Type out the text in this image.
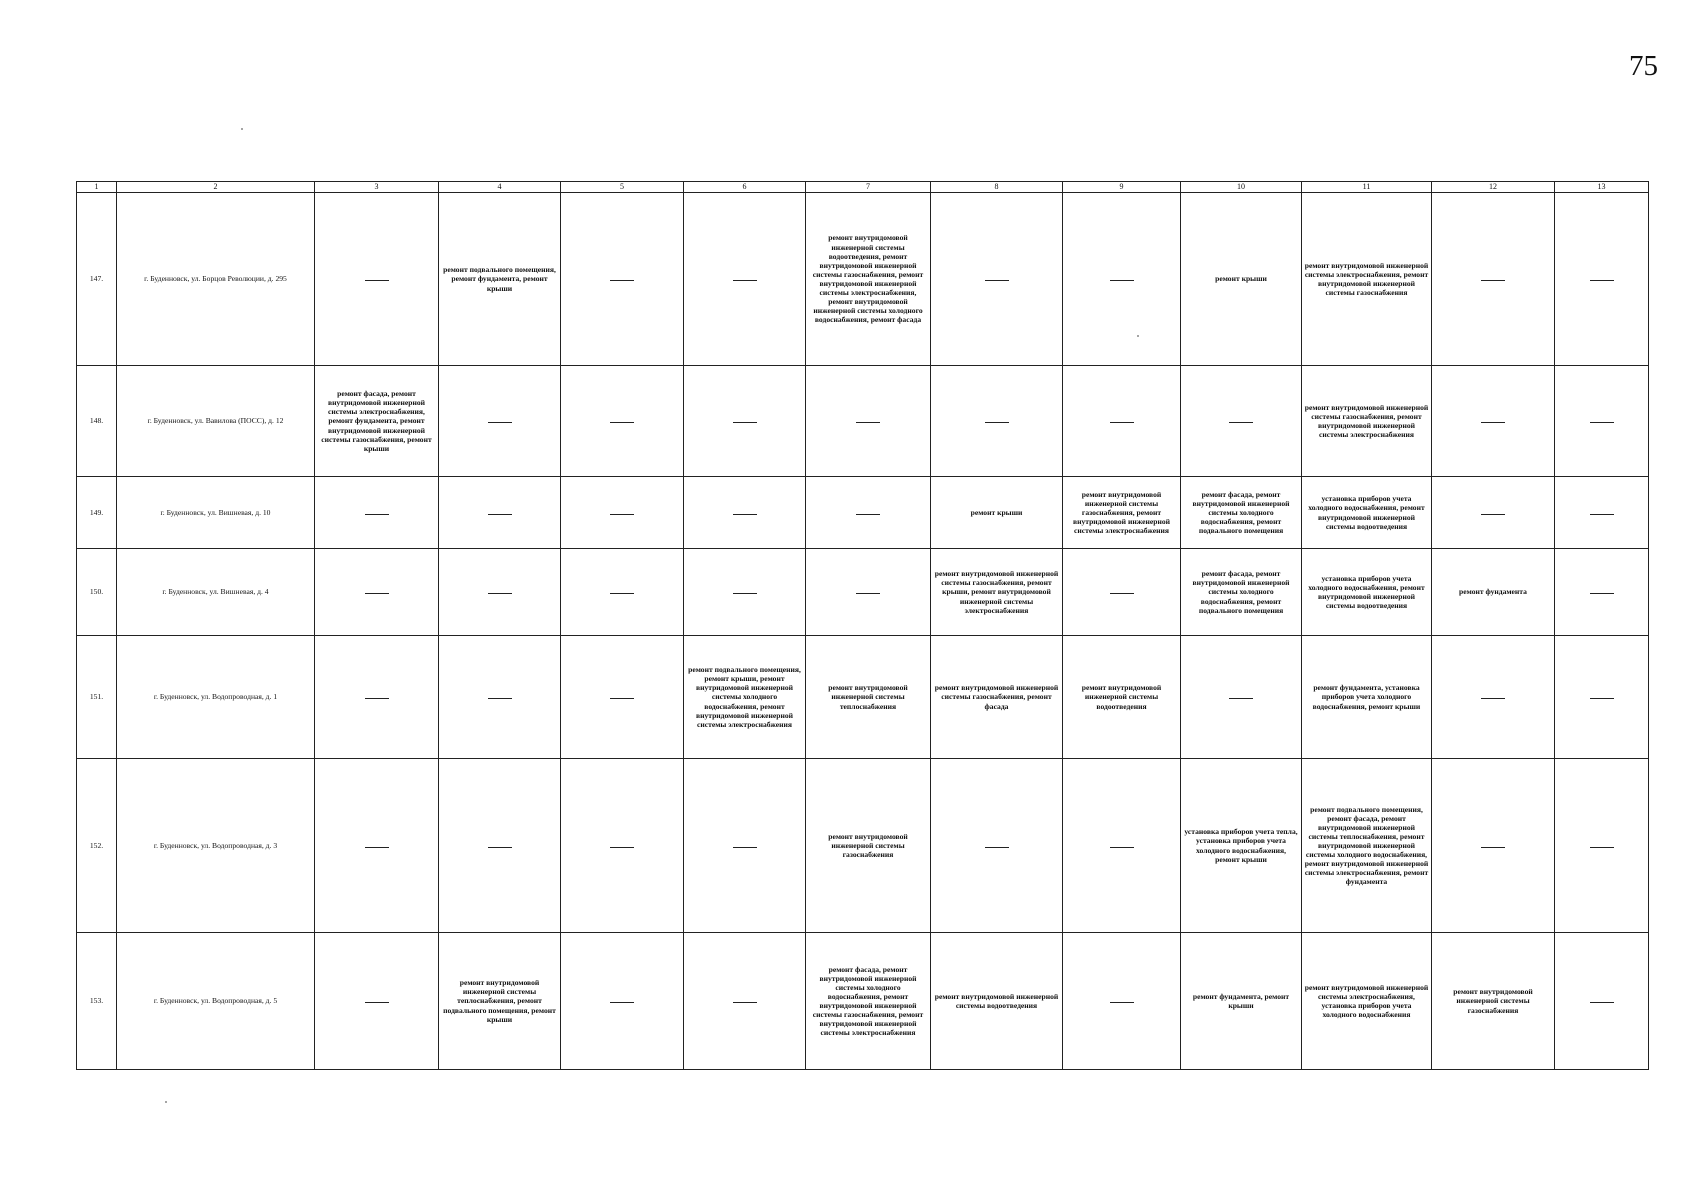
75
1	2	3	4	5	6	7	8	9	10	11	12	13
147.	г. Буденновск, ул. Борцов Революции, д. 295		ремонт подвального помещения, ремонт фундамента, ремонт крыши			ремонт внутридомовой инженерной системы водоотведения, ремонт внутридомовой инженерной системы газоснабжения, ремонт внутридомовой инженерной системы электроснабжения, ремонт внутридомовой инженерной системы холодного водоснабжения, ремонт фасада			ремонт крыши	ремонт внутридомовой инженерной системы электроснабжения, ремонт внутридомовой инженерной системы газоснабжения		
148.	г. Буденновск, ул. Вавилова (ПОСС), д. 12	ремонт фасада, ремонт внутридомовой инженерной системы электроснабжения, ремонт фундамента, ремонт внутридомовой инженерной системы газоснабжения, ремонт крыши								ремонт внутридомовой инженерной системы газоснабжения, ремонт внутридомовой инженерной системы электроснабжения		
149.	г. Буденновск, ул. Вишневая, д. 10						ремонт крыши	ремонт внутридомовой инженерной системы газоснабжения, ремонт внутридомовой инженерной системы электроснабжения	ремонт фасада, ремонт внутридомовой инженерной системы холодного водоснабжения, ремонт подвального помещения	установка приборов учета холодного водоснабжения, ремонт внутридомовой инженерной системы водоотведения		
150.	г. Буденновск, ул. Вишневая, д. 4						ремонт внутридомовой инженерной системы газоснабжения, ремонт крыши, ремонт внутридомовой инженерной системы электроснабжения		ремонт фасада, ремонт внутридомовой инженерной системы холодного водоснабжения, ремонт подвального помещения	установка приборов учета холодного водоснабжения, ремонт внутридомовой инженерной системы водоотведения	ремонт фундамента	
151.	г. Буденновск, ул. Водопроводная, д. 1				ремонт подвального помещения, ремонт крыши, ремонт внутридомовой инженерной системы холодного водоснабжения, ремонт внутридомовой инженерной системы электроснабжения	ремонт внутридомовой инженерной системы теплоснабжения	ремонт внутридомовой инженерной системы газоснабжения, ремонт фасада	ремонт внутридомовой инженерной системы водоотведения		ремонт фундамента, установка приборов учета холодного водоснабжения, ремонт крыши		
152.	г. Буденновск, ул. Водопроводная, д. 3					ремонт внутридомовой инженерной системы газоснабжения			установка приборов учета тепла, установка приборов учета холодного водоснабжения, ремонт крыши	ремонт подвального помещения, ремонт фасада, ремонт внутридомовой инженерной системы теплоснабжения, ремонт внутридомовой инженерной системы холодного водоснабжения, ремонт внутридомовой инженерной системы электроснабжения, ремонт фундамента		
153.	г. Буденновск, ул. Водопроводная, д. 5		ремонт внутридомовой инженерной системы теплоснабжения, ремонт подвального помещения, ремонт крыши			ремонт фасада, ремонт внутридомовой инженерной системы холодного водоснабжения, ремонт внутридомовой инженерной системы газоснабжения, ремонт внутридомовой инженерной системы электроснабжения	ремонт внутридомовой инженерной системы водоотведения		ремонт фундамента, ремонт крыши	ремонт внутридомовой инженерной системы электроснабжения, установка приборов учета холодного водоснабжения	ремонт внутридомовой инженерной системы газоснабжения	
